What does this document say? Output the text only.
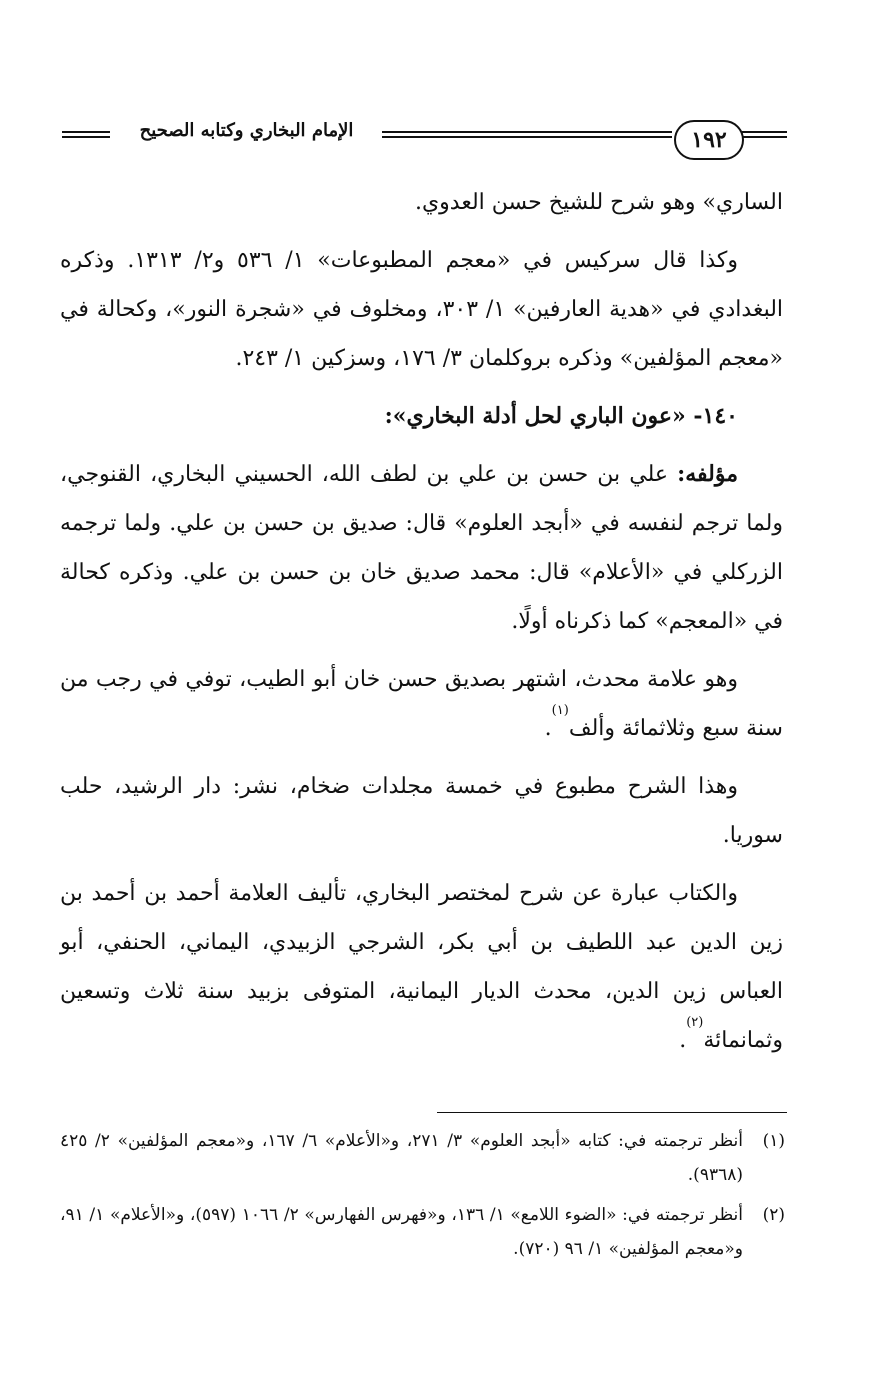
الإمام البخاري وكتابه الصحيح	١٩٢

الساري» وهو شرح للشيخ حسن العدوي.

وكذا قال سركيس في «معجم المطبوعات» ١/ ٥٣٦ و٢/ ١٣١٣. وذكره البغدادي في «هدية العارفين» ١/ ٣٠٣، ومخلوف في «شجرة النور»، وكحالة في «معجم المؤلفين» وذكره بروكلمان ٣/ ١٧٦، وسزكين ١/ ٢٤٣.

١٤٠- «عون الباري لحل أدلة البخاري»:

مؤلفه: علي بن حسن بن علي بن لطف الله، الحسيني البخاري، القنوجي، ولما ترجم لنفسه في «أبجد العلوم» قال: صديق بن حسن بن علي. ولما ترجمه الزركلي في «الأعلام» قال: محمد صديق خان بن حسن بن علي. وذكره كحالة في «المعجم» كما ذكرناه أولًا.

وهو علامة محدث، اشتهر بصديق حسن خان أبو الطيب، توفي في رجب من سنة سبع وثلاثمائة وألف$^{(١)}$.

وهذا الشرح مطبوع في خمسة مجلدات ضخام، نشر: دار الرشيد، حلب سوريا.

والكتاب عبارة عن شرح لمختصر البخاري، تأليف العلامة أحمد بن أحمد بن زين الدين عبد اللطيف بن أبي بكر، الشرجي الزبيدي، اليماني، الحنفي، أبو العباس زين الدين، محدث الديار اليمانية، المتوفى بزبيد سنة ثلاث وتسعين وثمانمائة$^{(٢)}$.

(١)
أنظر ترجمته في: كتابه «أبجد العلوم» ٣/ ٢٧١، و«الأعلام» ٦/ ١٦٧، و«معجم المؤلفين» ٢/ ٤٢٥ (٩٣٦٨).
(٢)
أنظر ترجمته في: «الضوء اللامع» ١/ ١٣٦، و«فهرس الفهارس» ٢/ ١٠٦٦ (٥٩٧)، و«الأعلام» ١/ ٩١، و«معجم المؤلفين» ١/ ٩٦ (٧٢٠).
